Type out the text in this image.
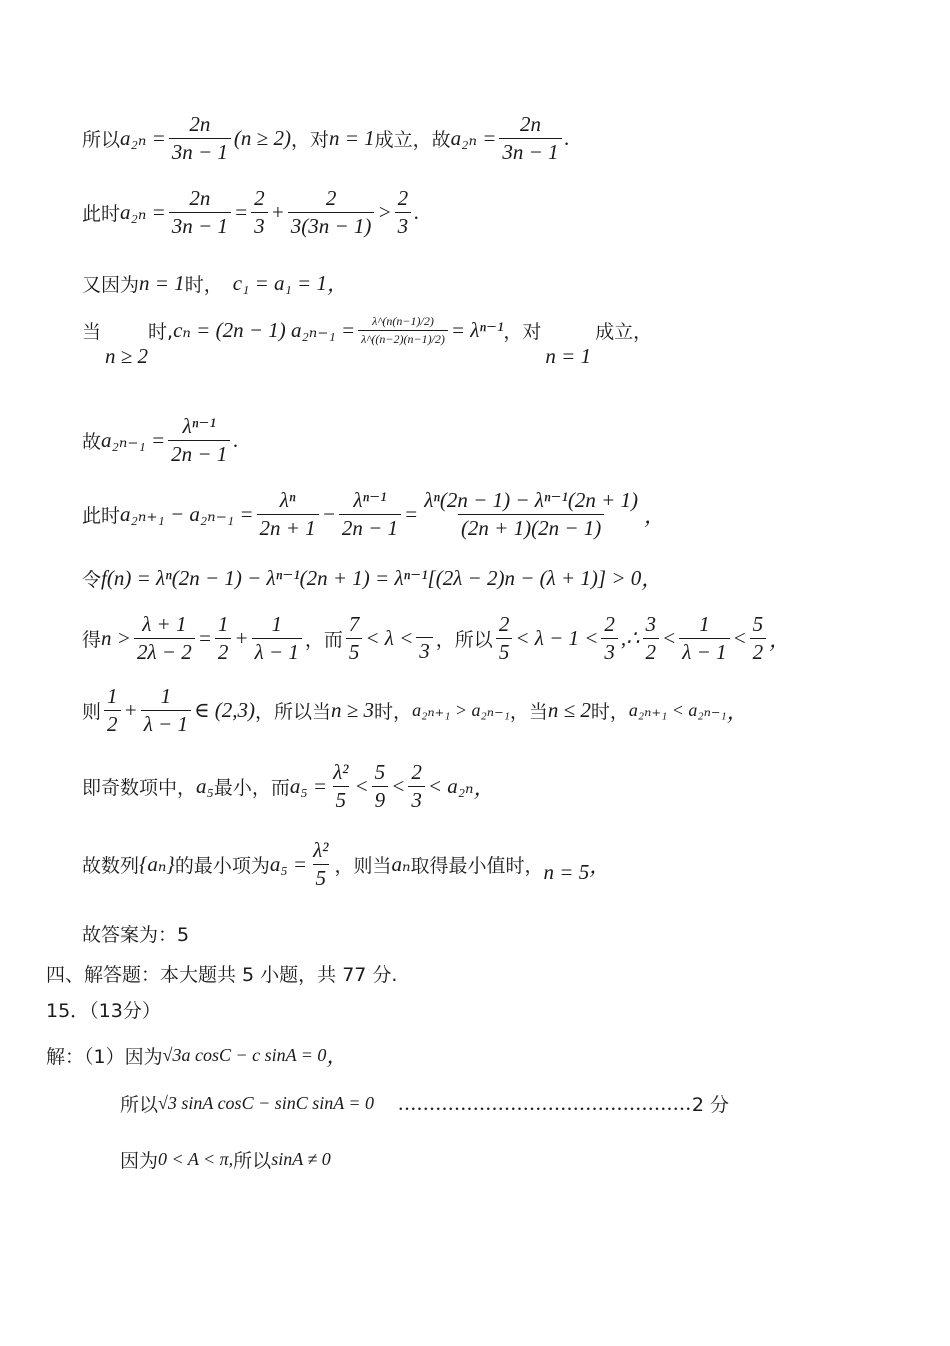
所以 $a_{2n} = \frac{2n}{3n - 1} (n \ge 2)$ ，对 n = 1 成立，故 $a_{2n} = \frac{2n}{3n - 1}$ .
此时 $a_{2n} = \frac{2n}{3n - 1} = \frac{2}{3} + \frac{2}{3(3n - 1)} > \frac{2}{3}$ .
又因为 n = 1 时， c₁ = a₁ = 1 ，
当
n ≥ 2
时, cₙ = (2n − 1) $a_{2n-1} = \frac{\lambda\^{}(n(n-1)/2)}{\lambda\^{}((n-2)(n-1)/2)} = \lambda^{n-1}$ ，对
n = 1
成立，
故 $a_{2n-1} = \frac{\text{λⁿ⁻¹}}{2n - 1}$ .
此时 $a_{2n+1} - a_{2n-1} = \frac{\text{λⁿ}}{2n + 1} - \frac{\text{λⁿ⁻¹}}{2n - 1} = \frac{\text{λⁿ(2n − 1) − λⁿ⁻¹(2n + 1)}}{(2n + 1)(2n - 1)}$ ，
令 f(n) = λⁿ(2n − 1) − λⁿ⁻¹(2n + 1) = λⁿ⁻¹[(2λ − 2)n − (λ + 1)] > 0 ，
得 $n > \frac{\lambda + 1}{2\lambda - 2} = \frac{1}{2} + \frac{1}{\lambda - 1}$ ，而 $\frac{7}{5} < \lambda$ <
3 ，所以 $\frac{2}{5} < \lambda - 1 < \frac{2}{3}$ ,∴ $\frac{3}{2} < \frac{1}{\lambda - 1} < \frac{5}{2}$ ，
则 $\frac{1}{2} + \frac{1}{\lambda - 1}$ ∈ (2,3) ，所以当 n ≥ 3 时， a₂ₙ₊₁ > a₂ₙ₋₁ ，当 n ≤ 2 时， a₂ₙ₊₁ < a₂ₙ₋₁ ，
即奇数项中， a₅ 最小，而 $a_5 = \frac{\text{λ²}}{5} < \frac{5}{9} < \frac{2}{3} < a_{2n}$ ，
故数列 {aₙ} 的最小项为 $a_5 = \frac{\text{λ²}}{5}$ ，则当 aₙ 取得最小值时， n = 5 ，
故答案为：5
四、解答题：本大题共 5 小题，共 77 分.
15．（13分）
解：（1）因为 √3a cosC − c sinA = 0 ，
所以 √3 sinA cosC − sinC sinA = 0 ............................................... 2 分
因为 0 < A < π, 所以 sinA ≠ 0
